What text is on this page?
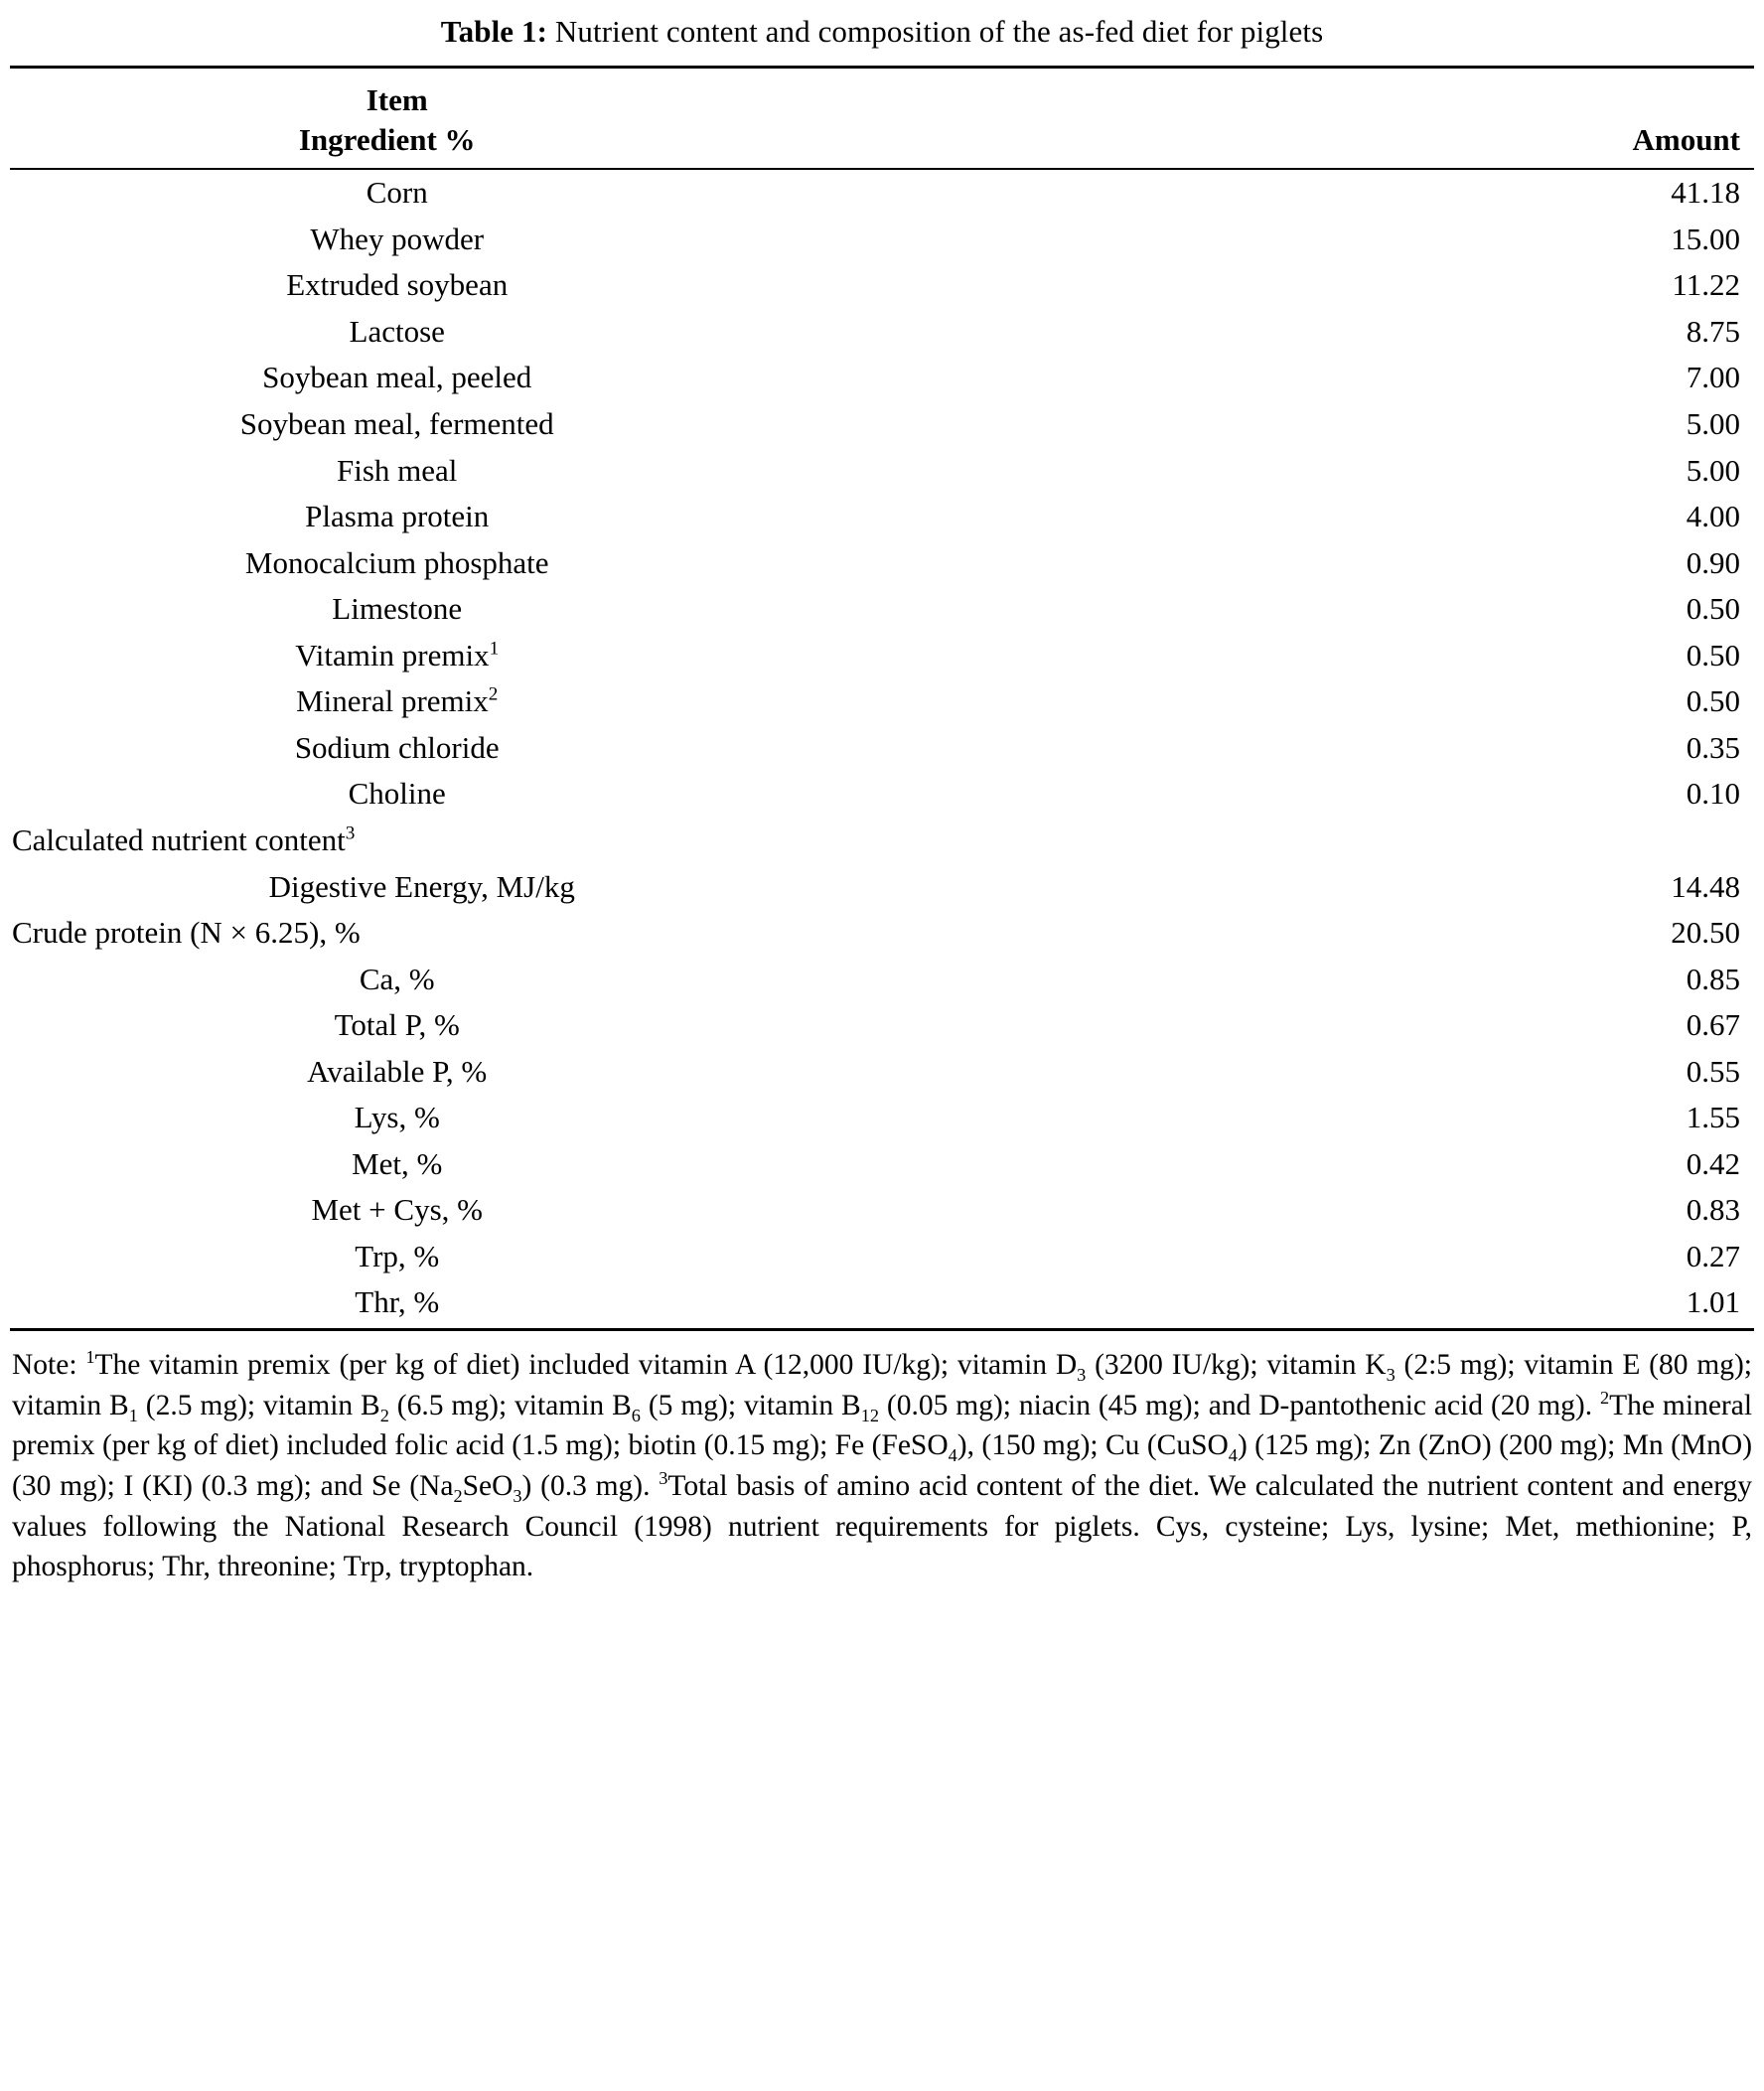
Table 1: Nutrient content and composition of the as-fed diet for piglets
Item
Ingredient %	Amount
Corn	41.18
Whey powder	15.00
Extruded soybean	11.22
Lactose	8.75
Soybean meal, peeled	7.00
Soybean meal, fermented	5.00
Fish meal	5.00
Plasma protein	4.00
Monocalcium phosphate	0.90
Limestone	0.50
Vitamin premix$^1$	0.50
Mineral premix$^2$	0.50
Sodium chloride	0.35
Choline	0.10
Calculated nutrient content$^3$	
Digestive Energy, MJ/kg	14.48
Crude protein (N × 6.25), %	20.50
Ca, %	0.85
Total P, %	0.67
Available P, %	0.55
Lys, %	1.55
Met, %	0.42
Met + Cys, %	0.83
Trp, %	0.27
Thr, %	1.01
Note: $^1$The vitamin premix (per kg of diet) included vitamin A (12,000 IU/kg); vitamin $D_3$ (3200 IU/kg); vitamin $K_3$ (2:5 mg); vitamin E (80 mg); vitamin $B_1$ (2.5 mg); vitamin $B_2$ (6.5 mg); vitamin $B_6$ (5 mg); vitamin $B_{12}$ (0.05 mg); niacin (45 mg); and D-pantothenic acid (20 mg). $^2$The mineral premix (per kg of diet) included folic acid (1.5 mg); biotin (0.15 mg); Fe (FeSO$_4$), (150 mg); Cu (CuSO$_4$) (125 mg); Zn (ZnO) (200 mg); Mn (MnO) (30 mg); I (KI) (0.3 mg); and Se $(Na_2SeO_3)$ (0.3 mg). $^3$Total basis of amino acid content of the diet. We calculated the nutrient content and energy values following the National Research Council (1998) nutrient requirements for piglets. Cys, cysteine; Lys, lysine; Met, methionine; P, phosphorus; Thr, threonine; Trp, tryptophan.
